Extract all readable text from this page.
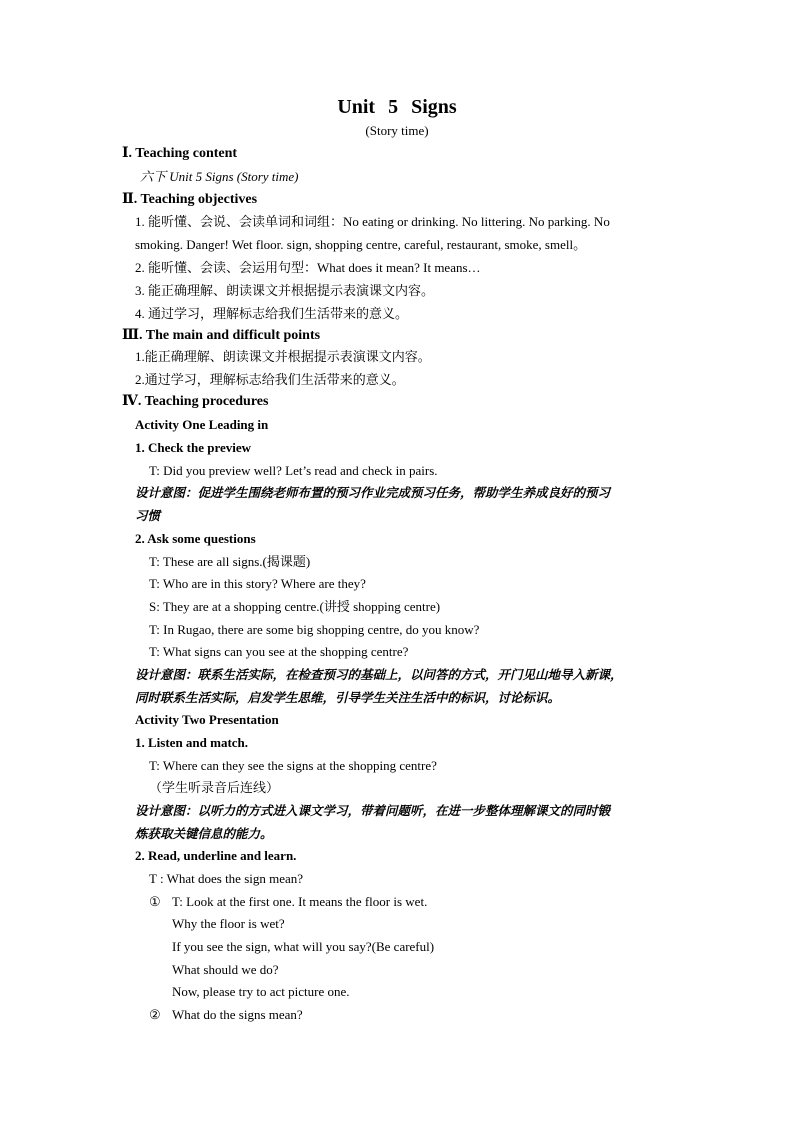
Unit 5 Signs
(Story time)
Ⅰ. Teaching content
六下 Unit 5 Signs (Story time)
Ⅱ. Teaching objectives
1. 能听懂、会说、会读单词和词组：No eating or drinking. No littering. No parking. No
smoking. Danger! Wet floor. sign, shopping centre, careful, restaurant, smoke, smell。
2. 能听懂、会读、会运用句型：What does it mean? It means…
3. 能正确理解、朗读课文并根据提示表演课文内容。
4. 通过学习，理解标志给我们生活带来的意义。
Ⅲ. The main and difficult points
1.能正确理解、朗读课文并根据提示表演课文内容。
2.通过学习，理解标志给我们生活带来的意义。
Ⅳ. Teaching procedures
Activity One Leading in
1. Check the preview
T: Did you preview well? Let’s read and check in pairs.
设计意图：促进学生围绕老师布置的预习作业完成预习任务，帮助学生养成良好的预习
习惯
2. Ask some questions
T: These are all signs.(揭课题)
T: Who are in this story? Where are they?
S: They are at a shopping centre.(讲授 shopping centre)
T: In Rugao, there are some big shopping centre, do you know?
T: What signs can you see at the shopping centre?
设计意图：联系生活实际，在检查预习的基础上，以问答的方式，开门见山地导入新课，
同时联系生活实际，启发学生思维，引导学生关注生活中的标识，讨论标识。
Activity Two Presentation
1. Listen and match.
T: Where can they see the signs at the shopping centre?
（学生听录音后连线）
设计意图：以听力的方式进入课文学习，带着问题听，在进一步整体理解课文的同时锻
炼获取关键信息的能力。
2. Read, underline and learn.
T : What does the sign mean?
① T: Look at the first one. It means the floor is wet.
Why the floor is wet?
If you see the sign, what will you say?(Be careful)
What should we do?
Now, please try to act picture one.
② What do the signs mean?
